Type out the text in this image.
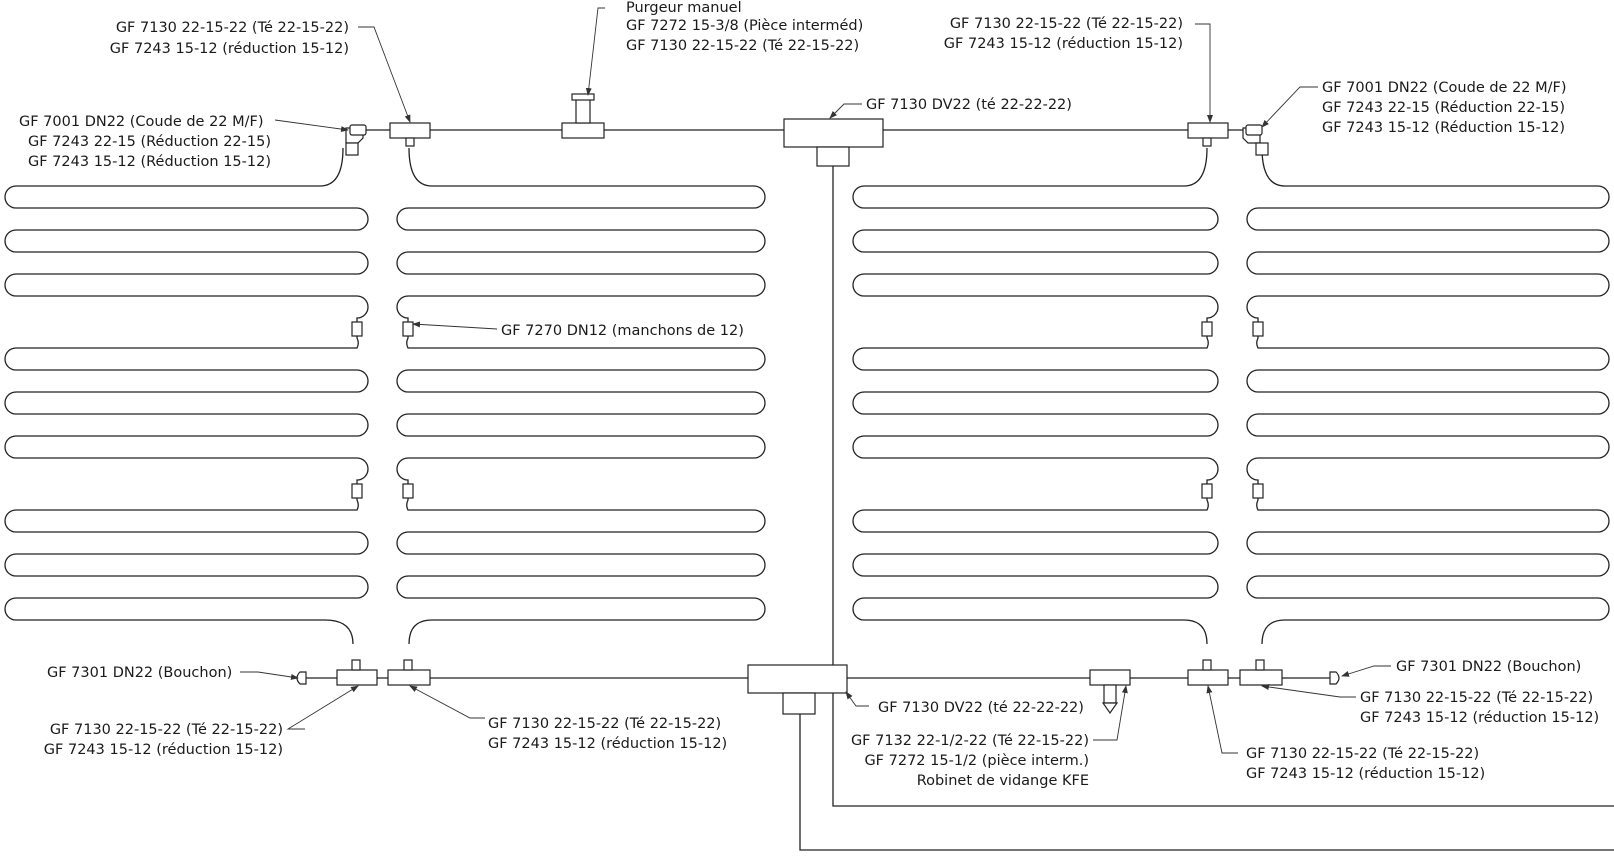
GF 7130 22-15-22 (Té 22-15-22)
GF 7243 15-12 (réduction 15-12)
Purgeur manuel
GF 7272 15-3/8 (Pièce interméd)
GF 7130 22-15-22 (Té 22-15-22)
GF 7130 22-15-22 (Té 22-15-22)
GF 7243 15-12 (réduction 15-12)
GF 7001 DN22 (Coude de 22 M/F)
GF 7243 22-15 (Réduction 22-15)
GF 7243 15-12 (Réduction 15-12)
GF 7130 DV22 (té 22-22-22)
GF 7001 DN22 (Coude de 22 M/F)
GF 7243 22-15 (Réduction 22-15)
GF 7243 15-12 (Réduction 15-12)
GF 7270 DN12 (manchons de 12)
GF 7301 DN22 (Bouchon)	GF 7301 DN22 (Bouchon)
GF 7130 22-15-22 (Té 22-15-22)
GF 7243 15-12 (réduction 15-12)
GF 7130 22-15-22 (Té 22-15-22)
GF 7243 15-12 (réduction 15-12)
GF 7130 DV22 (té 22-22-22)
GF 7132 22-1/2-22 (Té 22-15-22)
GF 7272 15-1/2 (pièce interm.)
Robinet de vidange KFE
GF 7130 22-15-22 (Té 22-15-22)
GF 7243 15-12 (réduction 15-12)
GF 7130 22-15-22 (Té 22-15-22)
GF 7243 15-12 (réduction 15-12)
